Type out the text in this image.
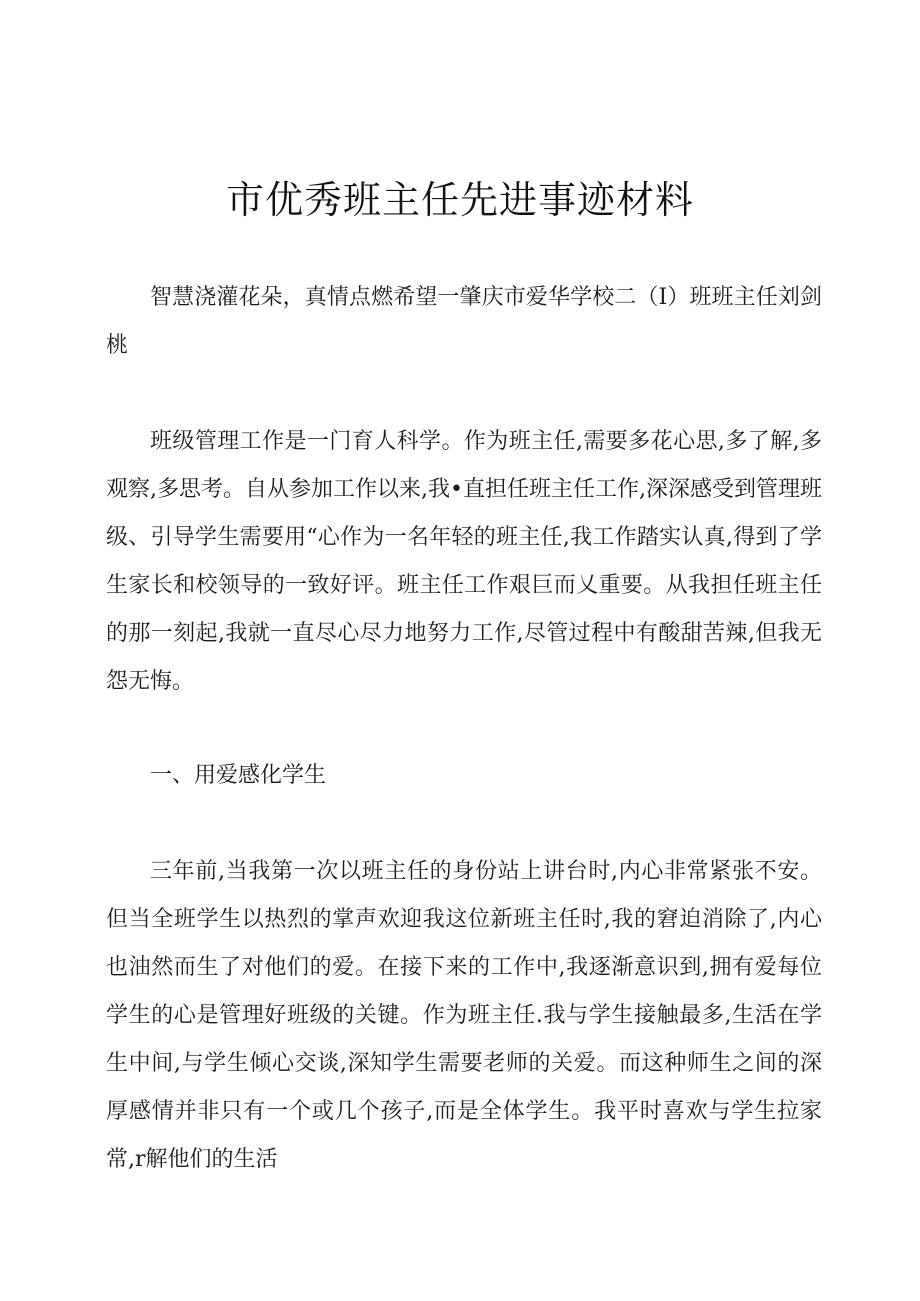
市优秀班主任先进事迹材料

智慧浇灌花朵，真情点燃希望一肇庆市爱华学校二（I）班班主任刘剑桃

班级管理工作是一门育人科学。作为班主任,需要多花心思,多了解,多观察,多思考。自从参加工作以来,我•直担任班主任工作,深深感受到管理班级、引导学生需要用“心作为一名年轻的班主任,我工作踏实认真,得到了学生家长和校领导的一致好评。班主任工作艰巨而乂重要。从我担任班主任的那一刻起,我就一直尽心尽力地努力工作,尽管过程中有酸甜苦辣,但我无怨无悔。

一、用爱感化学生

三年前,当我第一次以班主任的身份站上讲台时,内心非常紧张不安。但当全班学生以热烈的掌声欢迎我这位新班主任时,我的窘迫消除了,内心也油然而生了对他们的爱。在接下来的工作中,我逐渐意识到,拥有爱每位学生的心是管理好班级的关键。作为班主任.我与学生接触最多,生活在学生中间,与学生倾心交谈,深知学生需要老师的关爱。而这种师生之间的深厚感情并非只有一个或几个孩子,而是全体学生。我平时喜欢与学生拉家常,r解他们的生活
